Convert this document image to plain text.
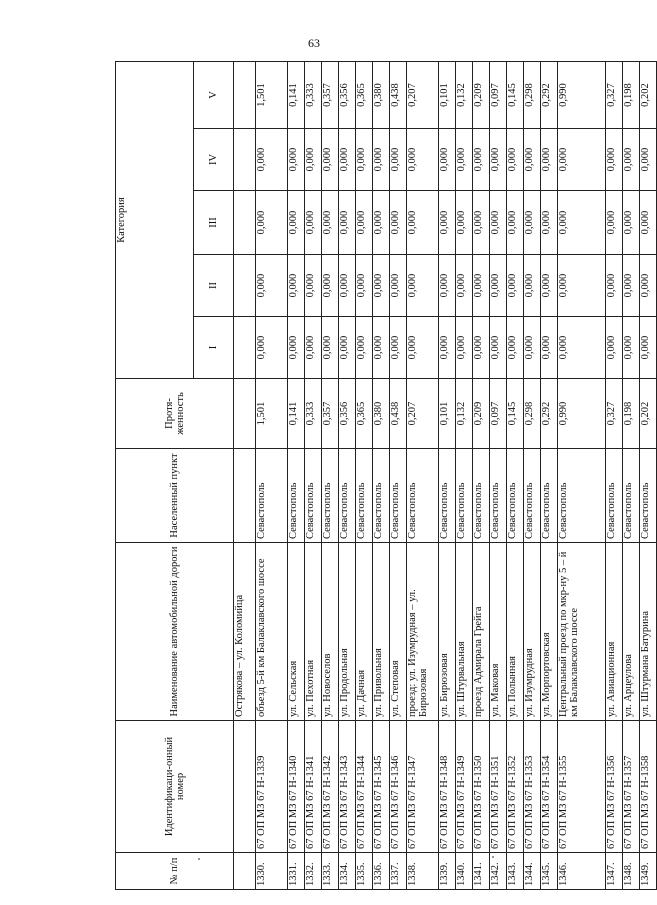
63
№ п/п	Идентификаци-онный номер	Наименование автомобильной дороги	Населенный пункт	Протя-женность	Категория				
					I	II	III	IV	V
		Острякова – ул. Коломийца							
1330.	67 ОП МЗ 67 Н-1339	объезд 5-й км Балаклавского шоссе	Севастополь	1,501	0,000	0,000	0,000	0,000	1,501
1331.	67 ОП МЗ 67 Н-1340	ул. Сельская	Севастополь	0,141	0,000	0,000	0,000	0,000	0,141
1332.	67 ОП МЗ 67 Н-1341	ул. Пехотная	Севастополь	0,333	0,000	0,000	0,000	0,000	0,333
1333.	67 ОП МЗ 67 Н-1342	ул. Новоселов	Севастополь	0,357	0,000	0,000	0,000	0,000	0,357
1334.	67 ОП МЗ 67 Н-1343	ул. Продольная	Севастополь	0,356	0,000	0,000	0,000	0,000	0,356
1335.	67 ОП МЗ 67 Н-1344	ул. Дачная	Севастополь	0,365	0,000	0,000	0,000	0,000	0,365
1336.	67 ОП МЗ 67 Н-1345	ул. Привольная	Севастополь	0,380	0,000	0,000	0,000	0,000	0,380
1337.	67 ОП МЗ 67 Н-1346	ул. Степовая	Севастополь	0,438	0,000	0,000	0,000	0,000	0,438
1338.	67 ОП МЗ 67 Н-1347	проезд: ул. Изумрудная – ул. Бирюзовая	Севастополь	0,207	0,000	0,000	0,000	0,000	0,207
1339.	67 ОП МЗ 67 Н-1348	ул. Бирюзовая	Севастополь	0,101	0,000	0,000	0,000	0,000	0,101
1340.	67 ОП МЗ 67 Н-1349	ул. Штурвальная	Севастополь	0,132	0,000	0,000	0,000	0,000	0,132
1341.	67 ОП МЗ 67 Н-1350	проезд Адмирала Грейга	Севастополь	0,209	0,000	0,000	0,000	0,000	0,209
1342.	67 ОП МЗ 67 Н-1351	ул. Маковая	Севастополь	0,097	0,000	0,000	0,000	0,000	0,097
1343.	67 ОП МЗ 67 Н-1352	ул. Полынная	Севастополь	0,145	0,000	0,000	0,000	0,000	0,145
1344.	67 ОП МЗ 67 Н-1353	ул. Изумрудная	Севастополь	0,298	0,000	0,000	0,000	0,000	0,298
1345.	67 ОП МЗ 67 Н-1354	ул. Морпортовская	Севастополь	0,292	0,000	0,000	0,000	0,000	0,292
1346.	67 ОП МЗ 67 Н-1355	Центральный проезд по мкр-ну 5 – й км Балаклавского шоссе	Севастополь	0,990	0,000	0,000	0,000	0,000	0,990
1347.	67 ОП МЗ 67 Н-1356	ул. Авиационная	Севастополь	0,327	0,000	0,000	0,000	0,000	0,327
1348.	67 ОП МЗ 67 Н-1357	ул. Арцеулова	Севастополь	0,198	0,000	0,000	0,000	0,000	0,198
1349.	67 ОП МЗ 67 Н-1358	ул. Штурмана Батурина	Севастополь	0,202	0,000	0,000	0,000	0,000	0,202
